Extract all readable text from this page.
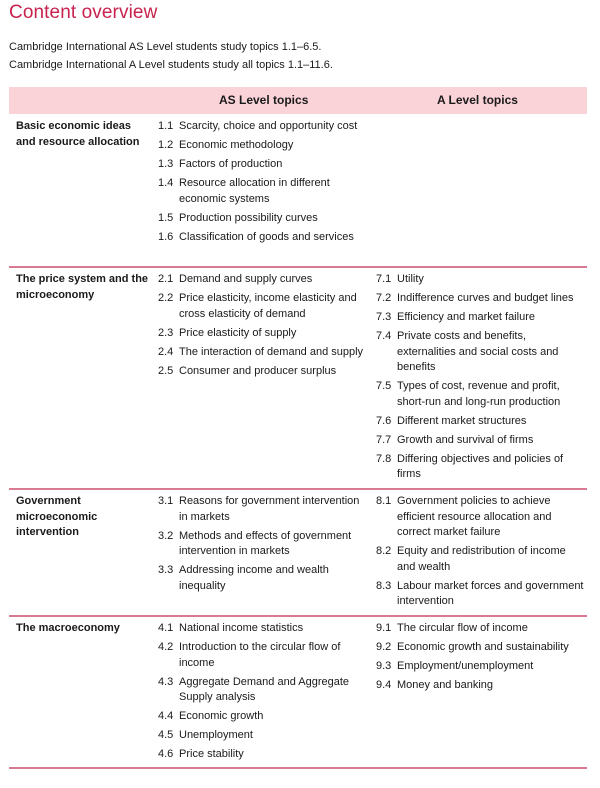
Content overview
Cambridge International AS Level students study topics 1.1–6.5.
Cambridge International A Level students study all topics 1.1–11.6.
AS Level topics	A Level topics
Basic economic ideas and resource allocation
1.1 Scarcity, choice and opportunity cost
1.2 Economic methodology
1.3 Factors of production
1.4 Resource allocation in different economic systems
1.5 Production possibility curves
1.6 Classification of goods and services
The price system and the microeconomy
2.1 Demand and supply curves
2.2 Price elasticity, income elasticity and cross elasticity of demand
2.3 Price elasticity of supply
2.4 The interaction of demand and supply
2.5 Consumer and producer surplus
7.1 Utility
7.2 Indifference curves and budget lines
7.3 Efficiency and market failure
7.4 Private costs and benefits, externalities and social costs and benefits
7.5 Types of cost, revenue and profit, short-run and long-run production
7.6 Different market structures
7.7 Growth and survival of firms
7.8 Differing objectives and policies of firms
Government microeconomic intervention
3.1 Reasons for government intervention in markets
3.2 Methods and effects of government intervention in markets
3.3 Addressing income and wealth inequality
8.1 Government policies to achieve efficient resource allocation and correct market failure
8.2 Equity and redistribution of income and wealth
8.3 Labour market forces and government intervention
The macroeconomy	4.1 National income statistics
4.2 Introduction to the circular flow of income
4.3 Aggregate Demand and Aggregate Supply analysis
4.4 Economic growth
4.5 Unemployment
4.6 Price stability
9.1 The circular flow of income
9.2 Economic growth and sustainability
9.3 Employment/unemployment
9.4 Money and banking
